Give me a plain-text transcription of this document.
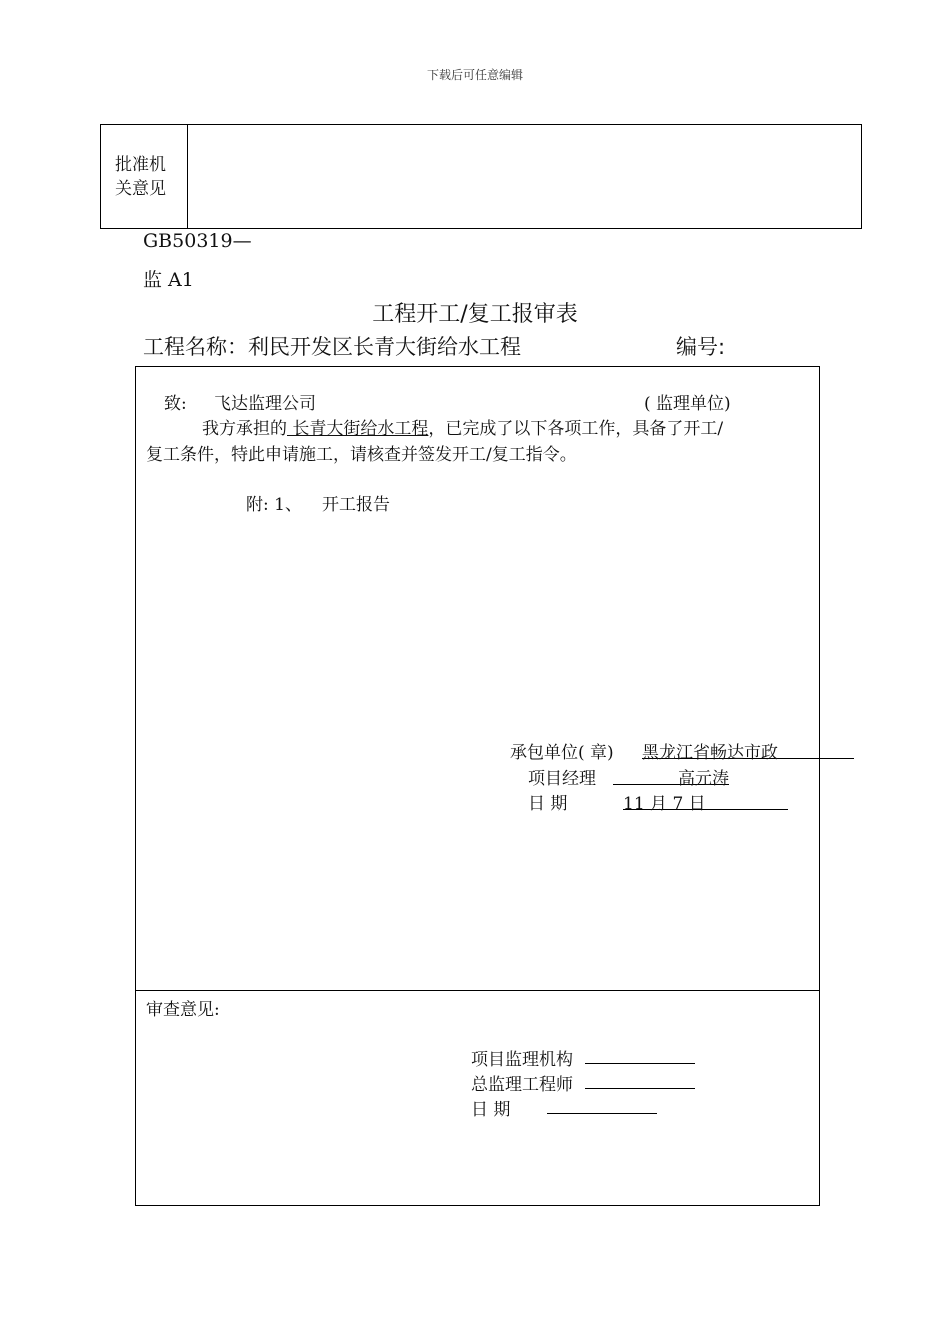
下载后可任意编辑
批准机关意见
GB50319—
监 A1
工程开工/复工报审表
工程名称：利民开发区长青大街给水工程	编号:
致: 飞达监理公司	( 监理单位)
我方承担的 长青大街给水工程，已完成了以下各项工作，具备了开工/
复工条件，特此申请施工，请核查并签发开工/复工指令。
附: 1、 开工报告
承包单位( 章) 黑龙江省畅达市政
项目经理	高元涛
日 期	11 月 7 日
审查意见:
项目监理机构
总监理工程师
日 期
